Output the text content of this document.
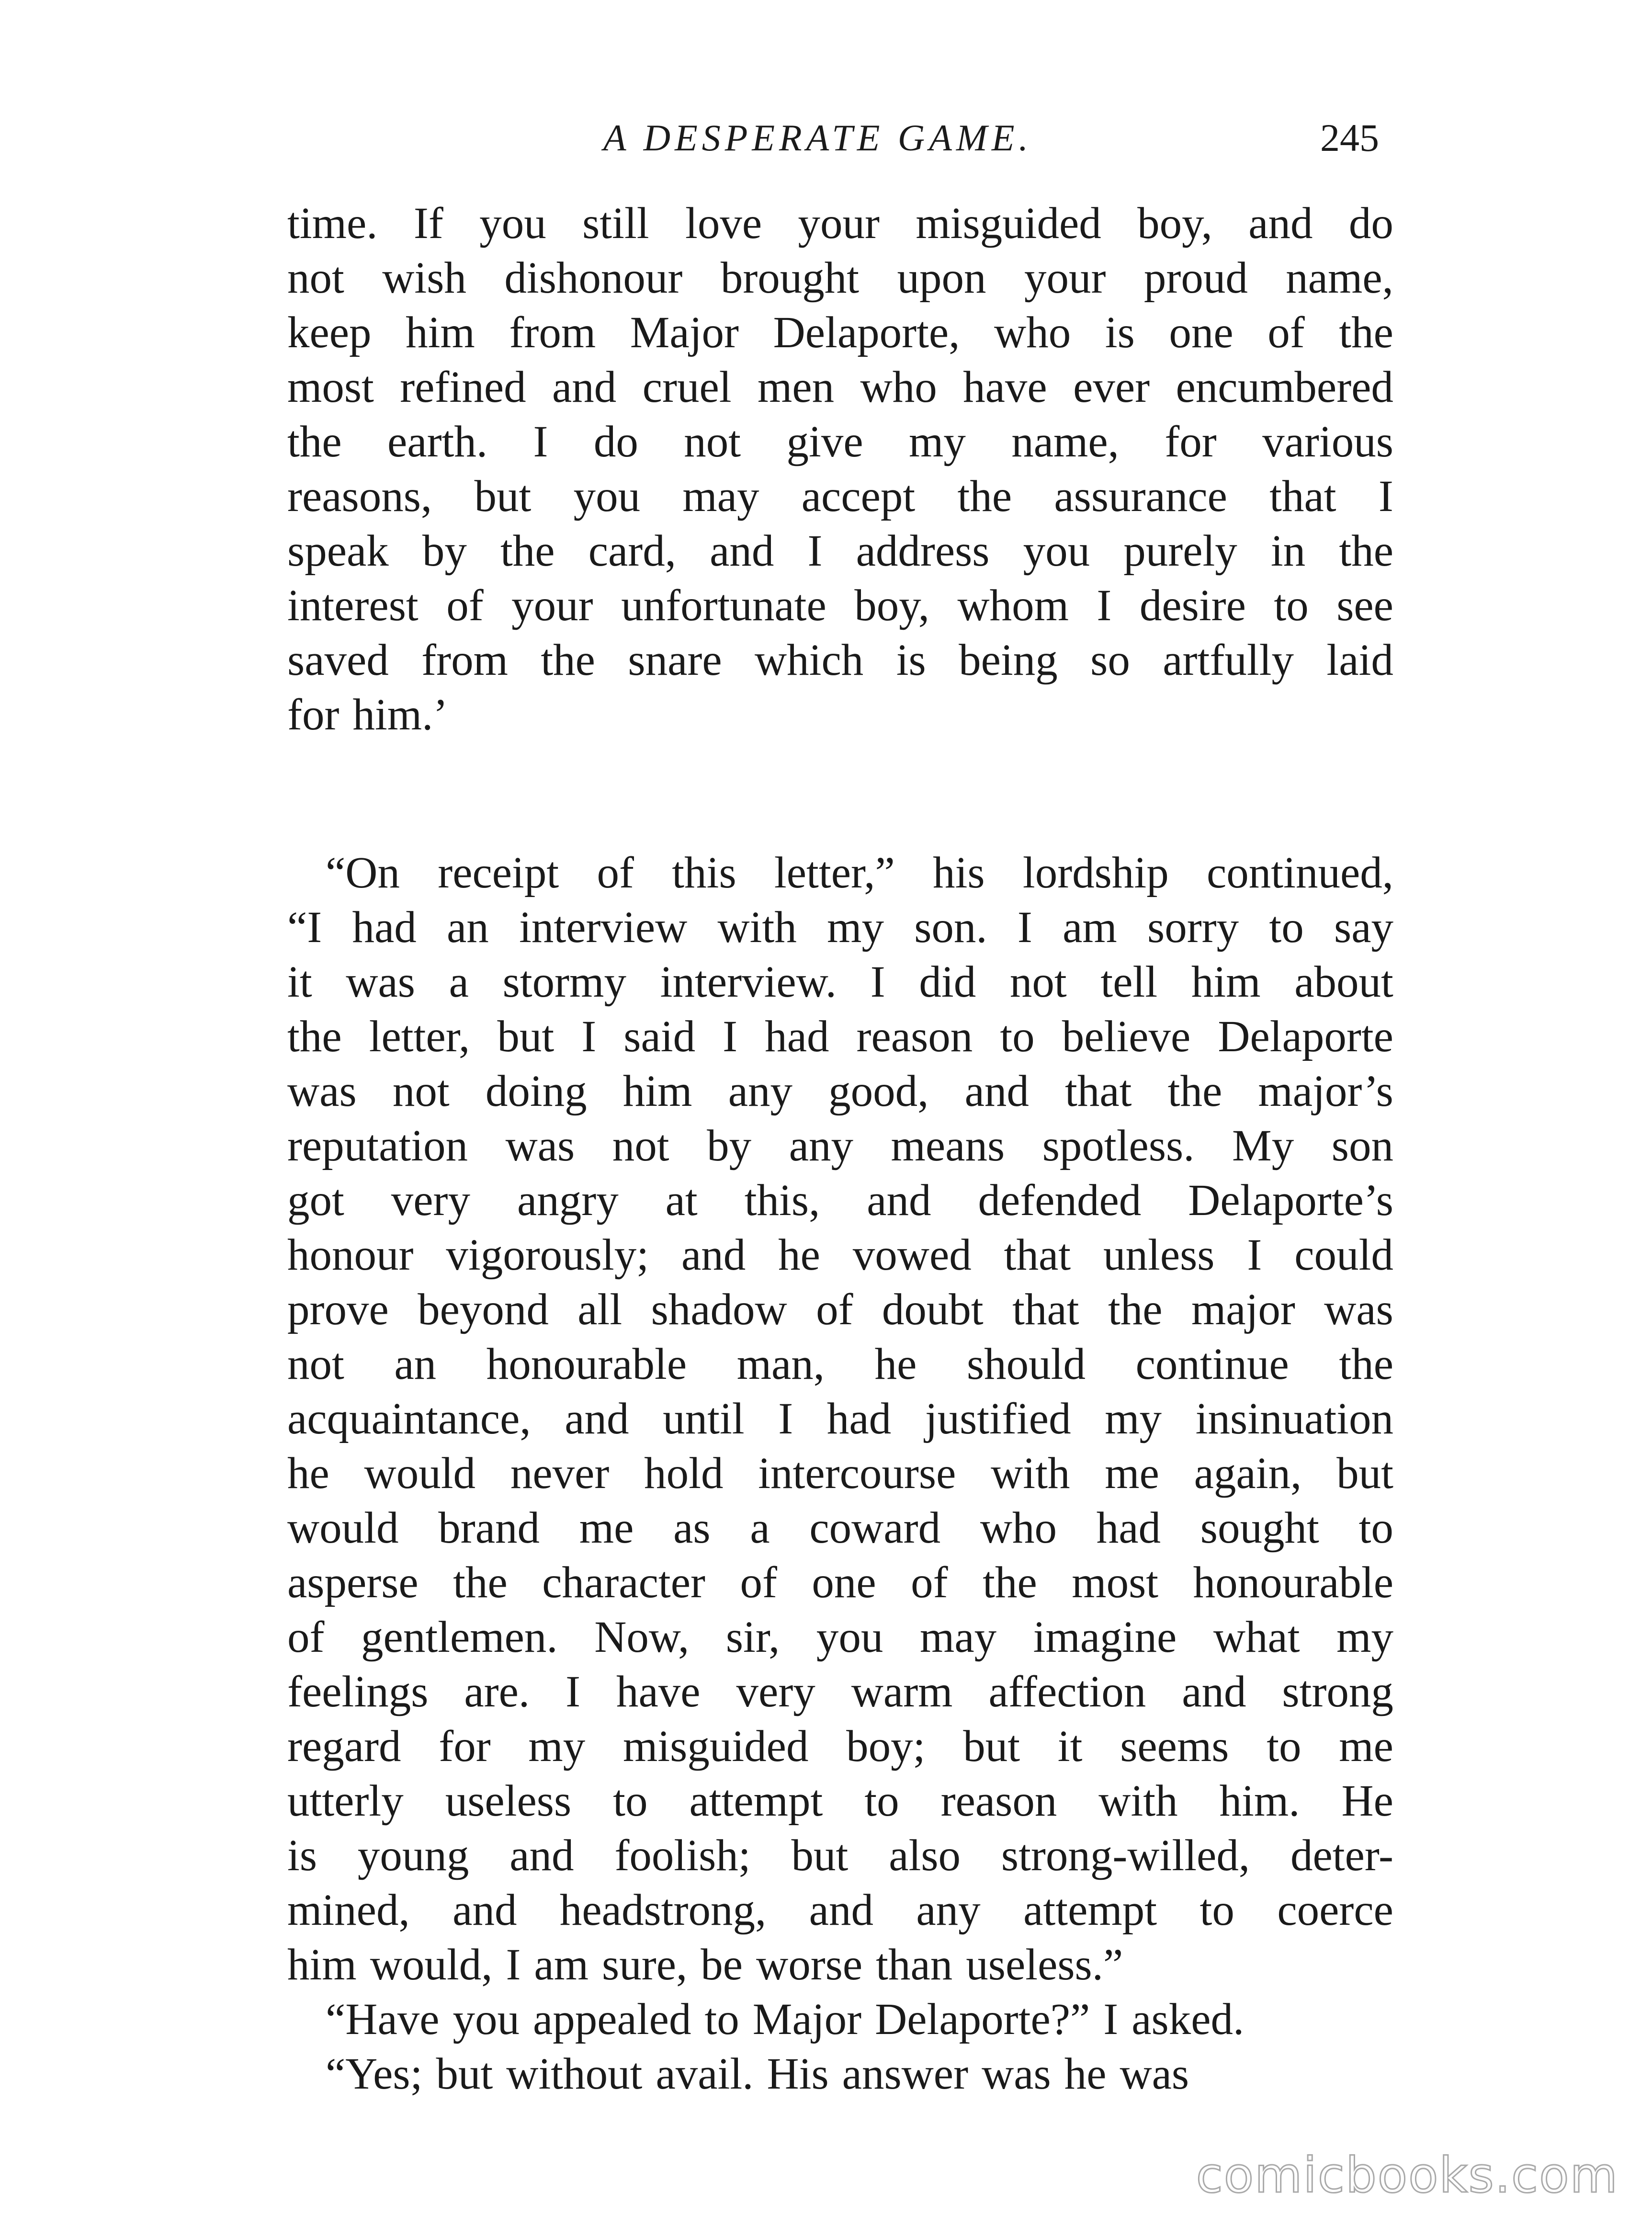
A DESPERATE GAME.	245
time. If you still love your misguided boy, and do
not wish dishonour brought upon your proud name,
keep him from Major Delaporte, who is one of the
most refined and cruel men who have ever encumbered
the earth. I do not give my name, for various
reasons, but you may accept the assurance that I
speak by the card, and I address you purely in the
interest of your unfortunate boy, whom I desire to see
saved from the snare which is being so artfully laid
for him.’
“On receipt of this letter,” his lordship continued,
“I had an interview with my son. I am sorry to say
it was a stormy interview. I did not tell him about
the letter, but I said I had reason to believe Delaporte
was not doing him any good, and that the major’s
reputation was not by any means spotless. My son
got very angry at this, and defended Delaporte’s
honour vigorously; and he vowed that unless I could
prove beyond all shadow of doubt that the major was
not an honourable man, he should continue the
acquaintance, and until I had justified my insinuation
he would never hold intercourse with me again, but
would brand me as a coward who had sought to
asperse the character of one of the most honourable
of gentlemen. Now, sir, you may imagine what my
feelings are. I have very warm affection and strong
regard for my misguided boy; but it seems to me
utterly useless to attempt to reason with him. He
is young and foolish; but also strong-willed, deter-
mined, and headstrong, and any attempt to coerce
him would, I am sure, be worse than useless.”
“Have you appealed to Major Delaporte?” I asked.
“Yes; but without avail. His answer was he was
comicbooks.com
